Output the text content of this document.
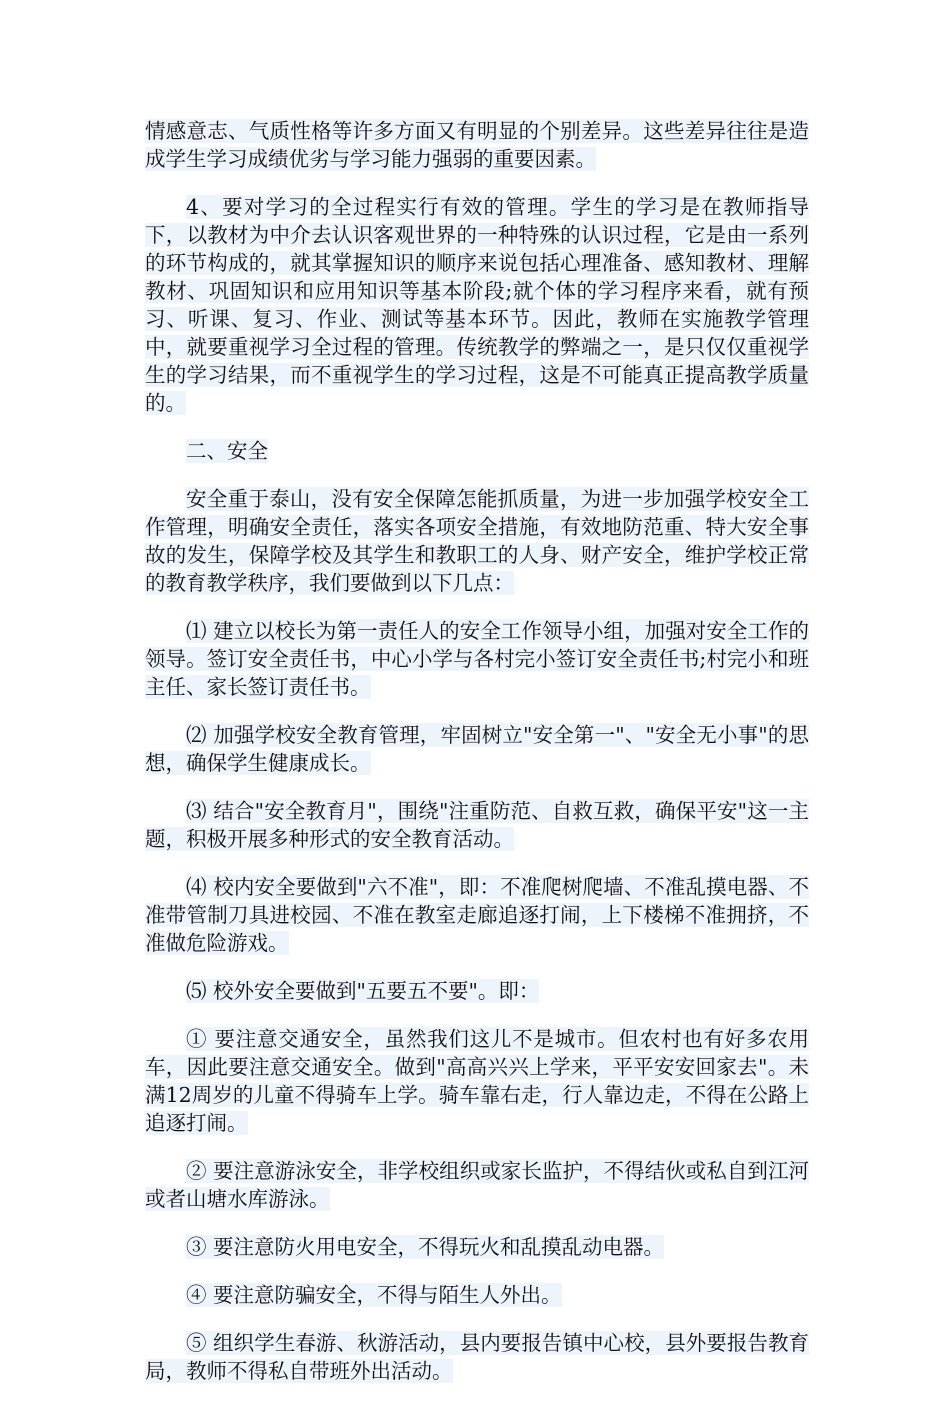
情感意志、气质性格等许多方面又有明显的个别差异。这些差异往往是造成学生学习成绩优劣与学习能力强弱的重要因素。

4、要对学习的全过程实行有效的管理。学生的学习是在教师指导下，以教材为中介去认识客观世界的一种特殊的认识过程，它是由一系列的环节构成的，就其掌握知识的顺序来说包括心理准备、感知教材、理解教材、巩固知识和应用知识等基本阶段;就个体的学习程序来看，就有预习、听课、复习、作业、测试等基本环节。因此，教师在实施教学管理中，就要重视学习全过程的管理。传统教学的弊端之一，是只仅仅重视学生的学习结果，而不重视学生的学习过程，这是不可能真正提高教学质量的。

二、安全

安全重于泰山，没有安全保障怎能抓质量，为进一步加强学校安全工作管理，明确安全责任，落实各项安全措施，有效地防范重、特大安全事故的发生，保障学校及其学生和教职工的人身、财产安全，维护学校正常的教育教学秩序，我们要做到以下几点：

⑴ 建立以校长为第一责任人的安全工作领导小组，加强对安全工作的领导。签订安全责任书，中心小学与各村完小签订安全责任书;村完小和班主任、家长签订责任书。

⑵ 加强学校安全教育管理，牢固树立"安全第一"、"安全无小事"的思想，确保学生健康成长。

⑶ 结合"安全教育月"，围绕"注重防范、自救互救，确保平安"这一主题，积极开展多种形式的安全教育活动。

⑷ 校内安全要做到"六不准"，即：不准爬树爬墙、不准乱摸电器、不准带管制刀具进校园、不准在教室走廊追逐打闹，上下楼梯不准拥挤，不准做危险游戏。

⑸ 校外安全要做到"五要五不要"。即：

① 要注意交通安全，虽然我们这儿不是城市。但农村也有好多农用车，因此要注意交通安全。做到"高高兴兴上学来，平平安安回家去"。未满12周岁的儿童不得骑车上学。骑车靠右走，行人靠边走，不得在公路上追逐打闹。

② 要注意游泳安全，非学校组织或家长监护，不得结伙或私自到江河或者山塘水库游泳。

③ 要注意防火用电安全，不得玩火和乱摸乱动电器。

④ 要注意防骗安全，不得与陌生人外出。

⑤ 组织学生春游、秋游活动，县内要报告镇中心校，县外要报告教育局，教师不得私自带班外出活动。
